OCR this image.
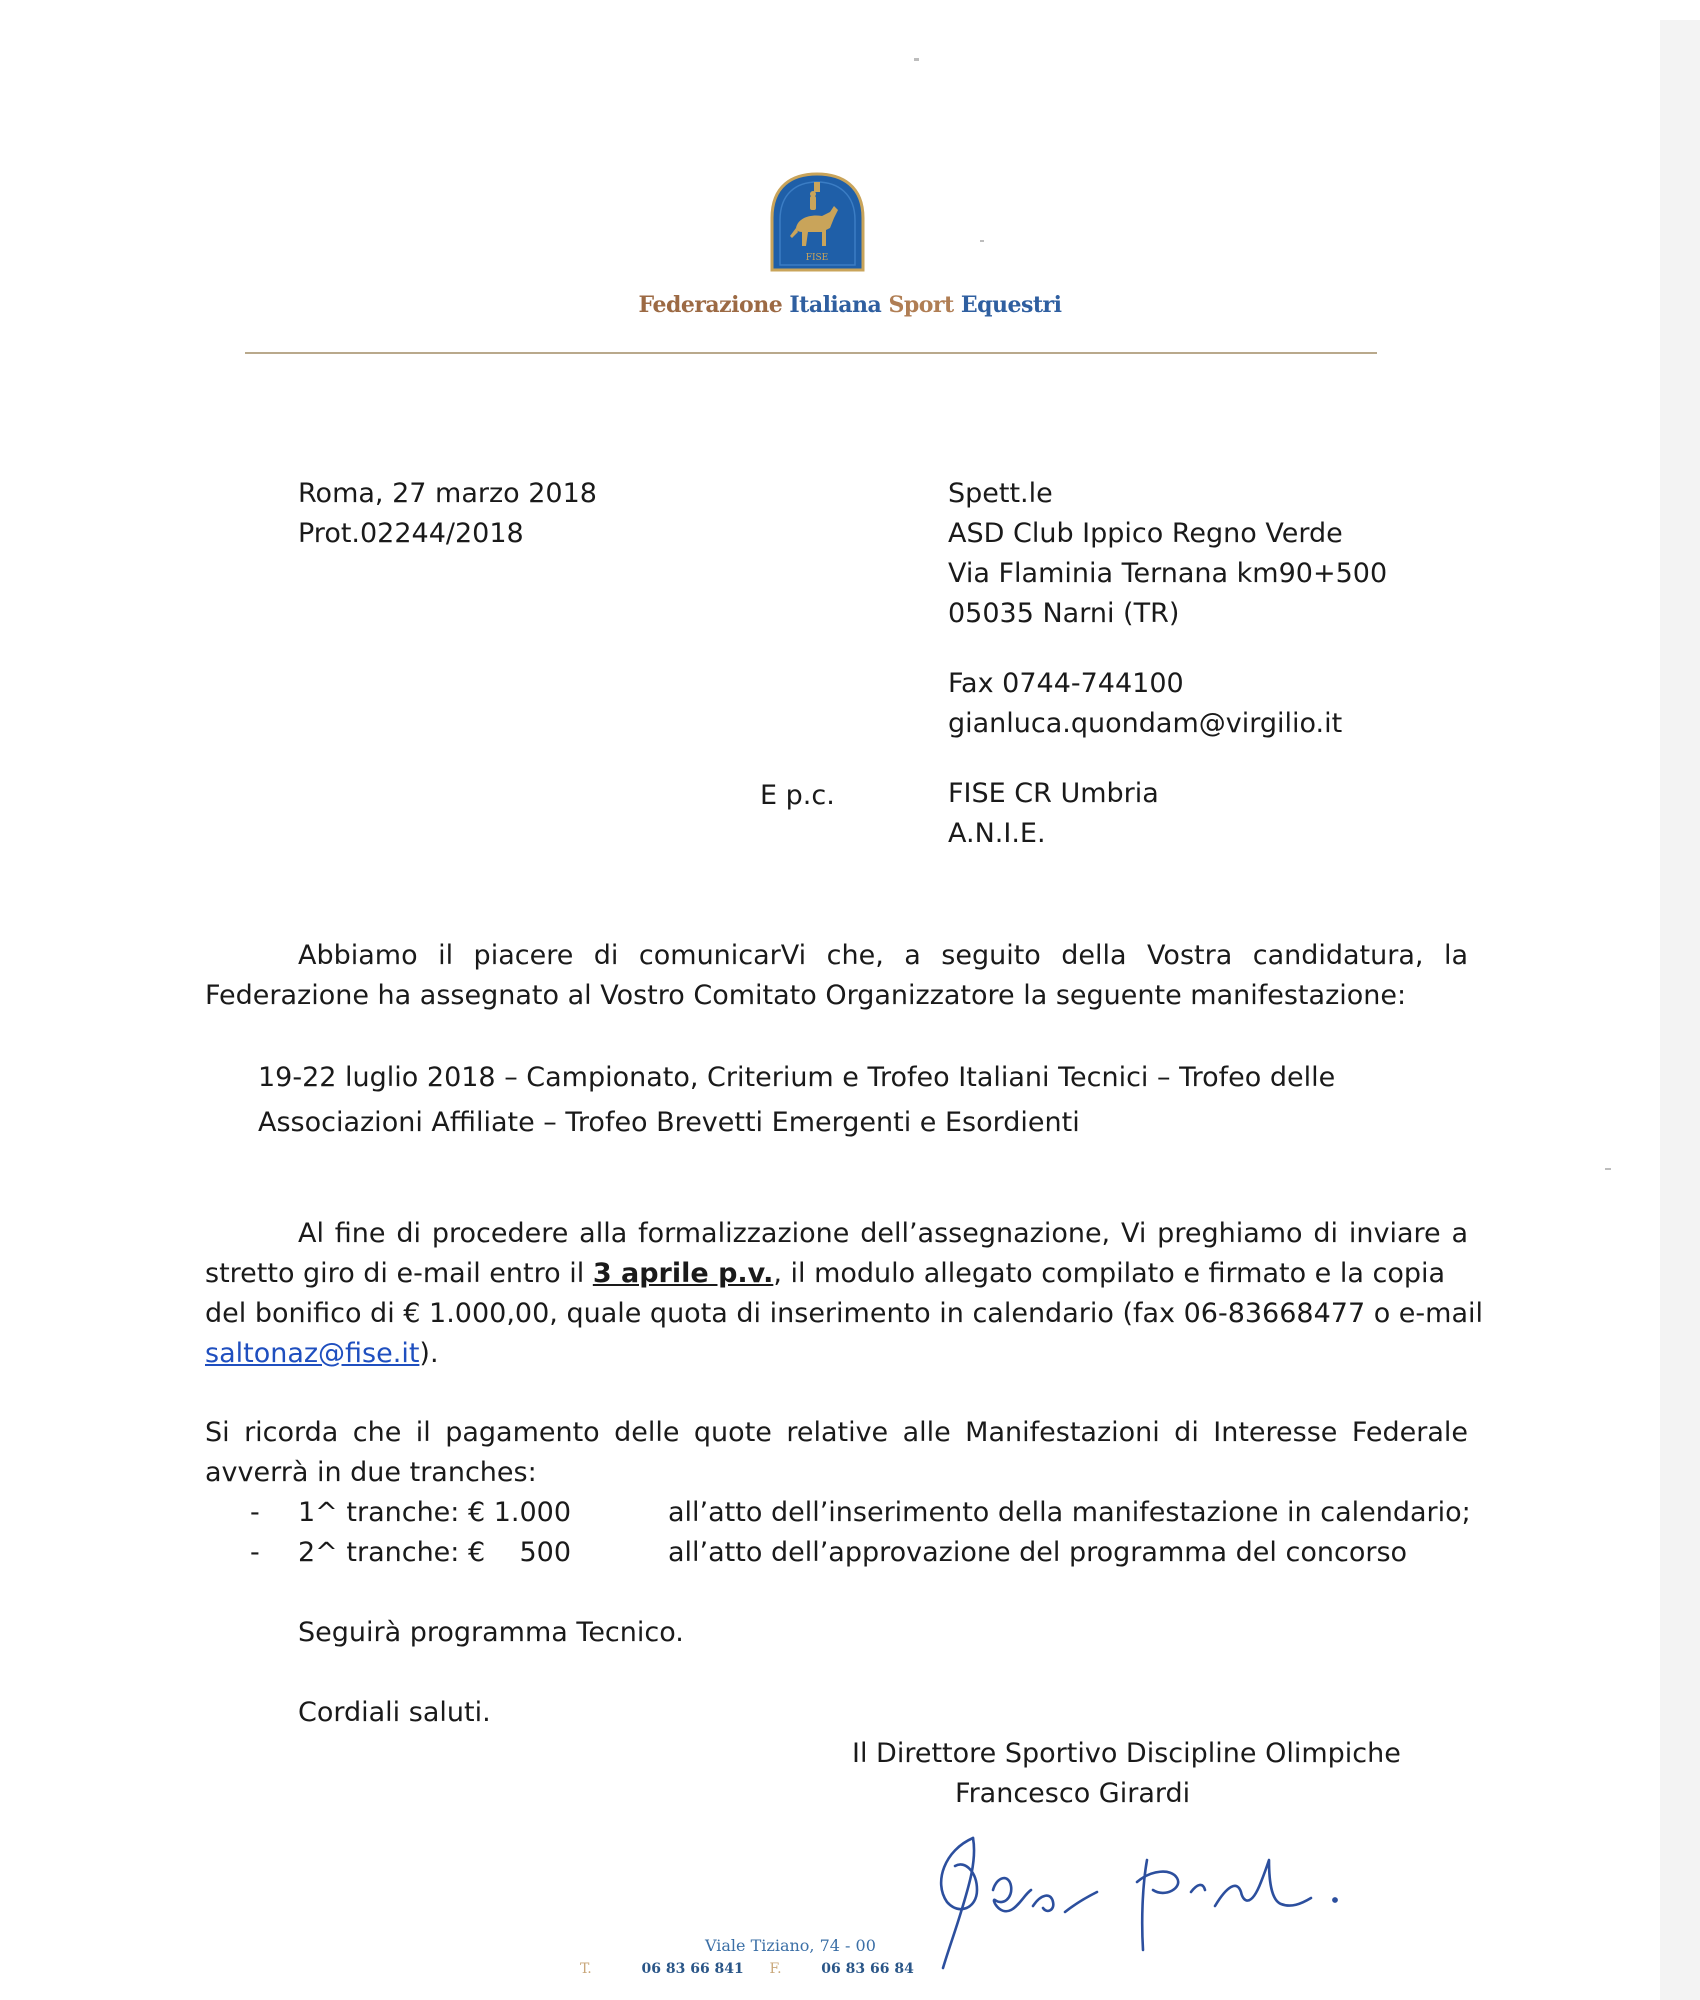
FISE
Federazione Italiana Sport Equestri
Roma, 27 marzo 2018
Prot.02244/2018
Spett.le
ASD Club Ippico Regno Verde
Via Flaminia Ternana km90+500
05035 Narni (TR)
Fax 0744-744100
gianluca.quondam@virgilio.it
E p.c.	FISE CR Umbria
A.N.I.E.
Abbiamo il piacere di comunicarVi che, a seguito della Vostra candidatura, la
Federazione ha assegnato al Vostro Comitato Organizzatore la seguente manifestazione:
19-22 luglio 2018 – Campionato, Criterium e Trofeo Italiani Tecnici – Trofeo delle
Associazioni Affiliate – Trofeo Brevetti Emergenti e Esordienti
Al fine di procedere alla formalizzazione dell’assegnazione, Vi preghiamo di inviare a
stretto giro di e-mail entro il 3 aprile p.v., il modulo allegato compilato e firmato e la copia
del bonifico di € 1.000,00, quale quota di inserimento in calendario (fax 06-83668477 o e-mail
saltonaz@fise.it).
Si ricorda che il pagamento delle quote relative alle Manifestazioni di Interesse Federale
avverrà in due tranches:
- 1^ tranche: € 1.000	all’atto dell’inserimento della manifestazione in calendario;
- 2^ tranche: €    500	all’atto dell’approvazione del programma del concorso
Seguirà programma Tecnico.
Cordiali saluti.
Il Direttore Sportivo Discipline Olimpiche
Francesco Girardi
Viale Tiziano, 74 - 00
T.	06 83 66 841 F.	06 83 66 84
